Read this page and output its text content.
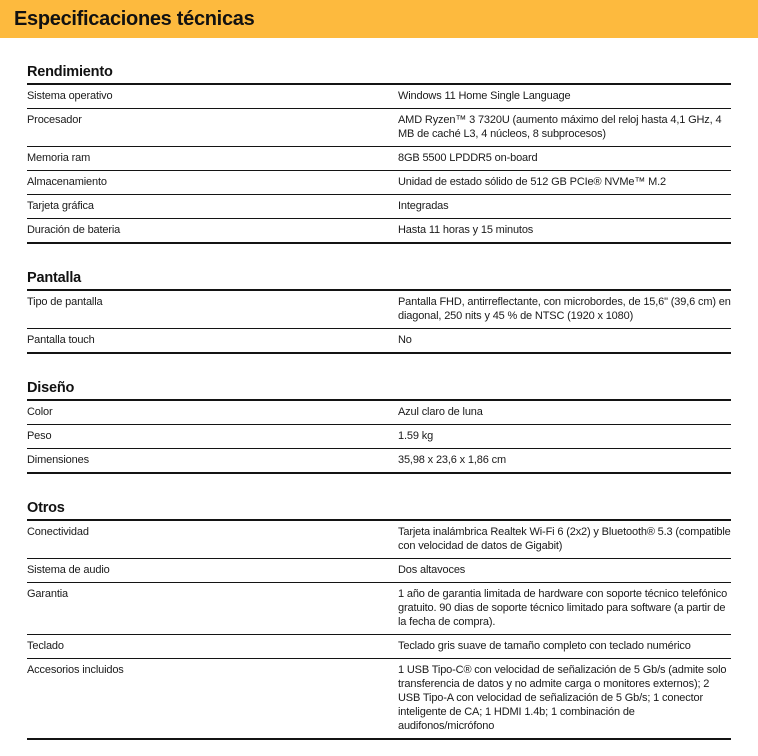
Especificaciones técnicas
Rendimiento
Sistema operativo	Windows 11 Home Single Language
Procesador	AMD Ryzen™ 3 7320U (aumento máximo del reloj hasta 4,1 GHz, 4 MB de caché L3, 4 núcleos, 8 subprocesos)
Memoria ram	8GB 5500 LPDDR5 on-board
Almacenamiento	Unidad de estado sólido de 512 GB PCIe® NVMe™ M.2
Tarjeta gráfica	Integradas
Duración de bateria	Hasta 11 horas y 15 minutos
Pantalla
Tipo de pantalla	Pantalla FHD, antirreflectante, con microbordes, de 15,6" (39,6 cm) en diagonal, 250 nits y 45 % de NTSC (1920 x 1080)
Pantalla touch	No
Diseño
Color	Azul claro de luna
Peso	1.59 kg
Dimensiones	35,98 x 23,6 x 1,86 cm
Otros
Conectividad	Tarjeta inalámbrica Realtek Wi-Fi 6 (2x2) y Bluetooth® 5.3 (compatible con velocidad de datos de Gigabit)
Sistema de audio	Dos altavoces
Garantia	1 año de garantia limitada de hardware con soporte técnico telefónico gratuito. 90 dias de soporte técnico limitado para software (a partir de la fecha de compra).
Teclado	Teclado gris suave de tamaño completo con teclado numérico
Accesorios incluidos	1 USB Tipo-C® con velocidad de señalización de 5 Gb/s (admite solo transferencia de datos y no admite carga o monitores externos); 2 USB Tipo-A con velocidad de señalización de 5 Gb/s; 1 conector inteligente de CA; 1 HDMI 1.4b; 1 combinación de audifonos/micrófono
